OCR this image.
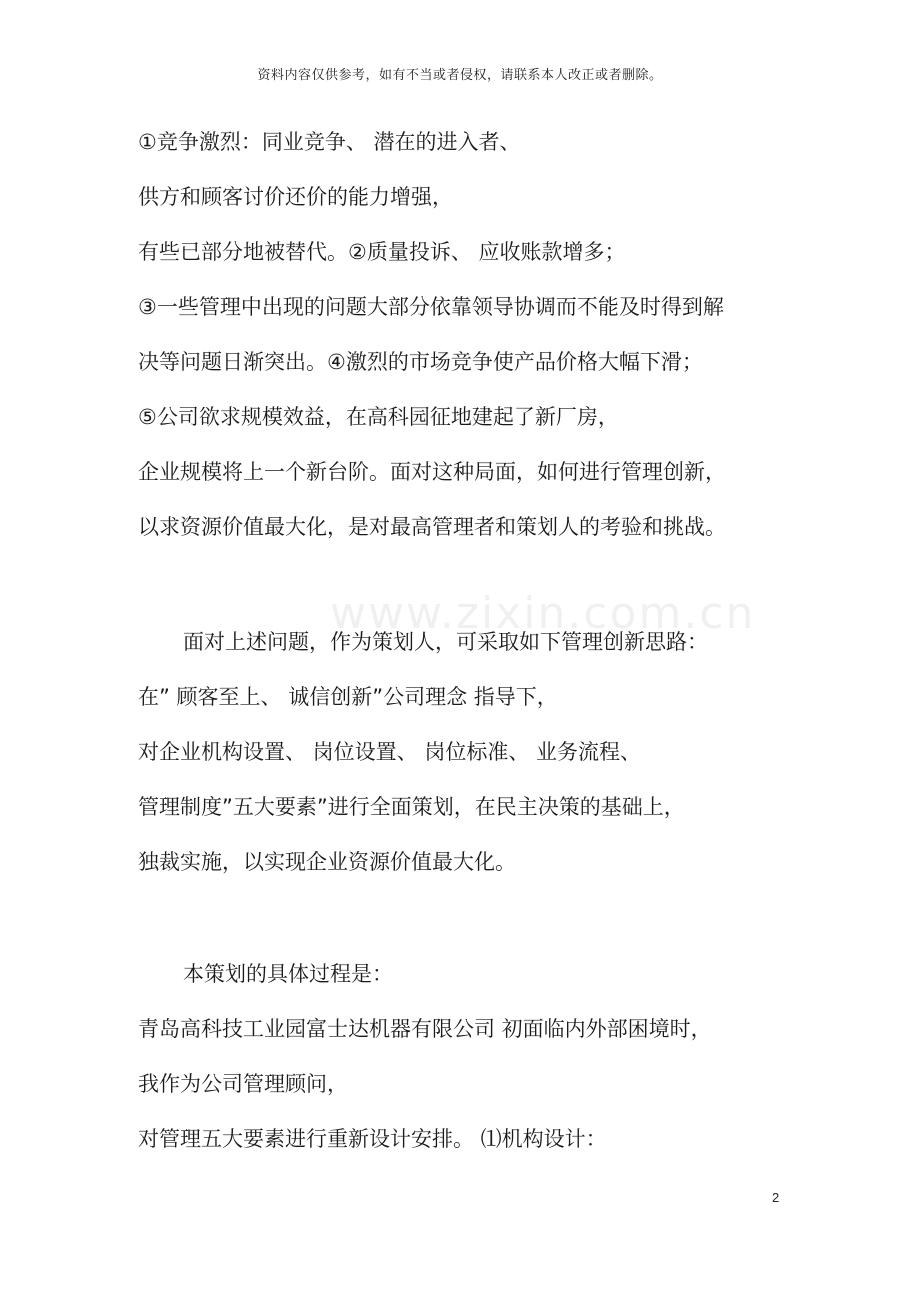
资料内容仅供参考，如有不当或者侵权，请联系本人改正或者删除。
www.zixin.com.cn
①竞争激烈：同业竞争、 潜在的进入者、
供方和顾客讨价还价的能力增强，
有些已部分地被替代。②质量投诉、 应收账款增多；
③一些管理中出现的问题大部分依靠领导协调而不能及时得到解
决等问题日渐突出。④激烈的市场竞争使产品价格大幅下滑；
⑤公司欲求规模效益，在高科园征地建起了新厂房，
企业规模将上一个新台阶。面对这种局面，如何进行管理创新，
以求资源价值最大化，是对最高管理者和策划人的考验和挑战。
面对上述问题，作为策划人，可采取如下管理创新思路：
在” 顾客至上、 诚信创新”公司理念 指导下，
对企业机构设置、 岗位设置、 岗位标准、 业务流程、
管理制度”五大要素”进行全面策划，在民主决策的基础上，
独裁实施，以实现企业资源价值最大化。
本策划的具体过程是：
青岛高科技工业园富士达机器有限公司 初面临内外部困境时，
我作为公司管理顾问，
对管理五大要素进行重新设计安排。 ⑴机构设计：
2
